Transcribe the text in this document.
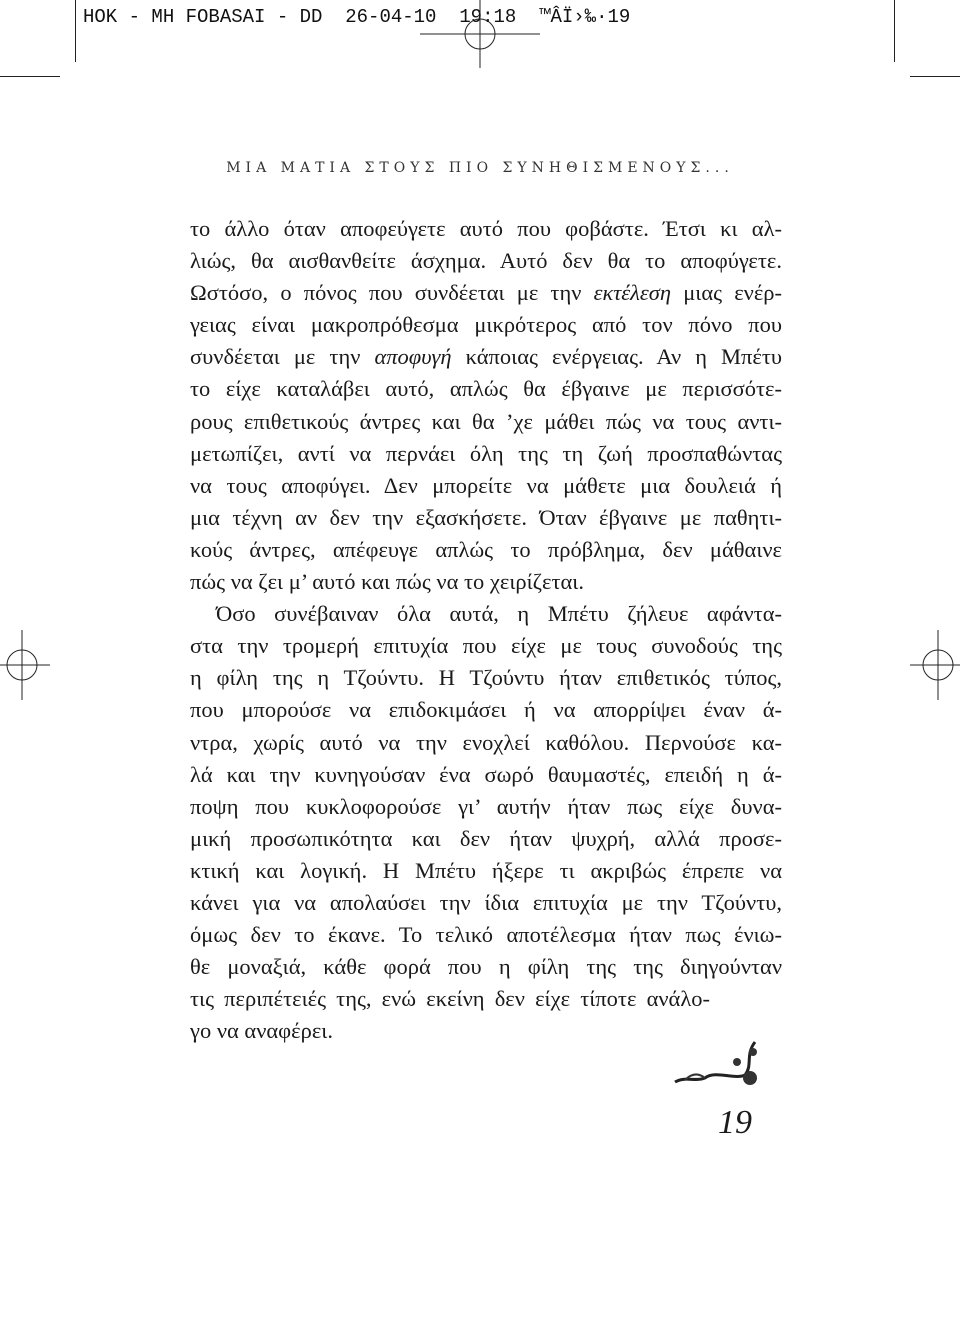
HOK - MH FOBASAI - DD  26-04-10  19:18  ™ÂÏ›‰·19
ΜΙΑ ΜΑΤΙΑ ΣΤΟΥΣ ΠΙΟ ΣΥΝΗΘΙΣΜΕΝΟΥΣ...
το άλλο όταν αποφεύγετε αυτό που φοβάστε. Έτσι κι αλ-
λιώς, θα αισθανθείτε άσχημα. Αυτό δεν θα το αποφύγετε.
Ωστόσο, ο πόνος που συνδέεται με την εκτέλεση μιας ενέρ-
γειας είναι μακροπρόθεσμα μικρότερος από τον πόνο που
συνδέεται με την αποφυγή κάποιας ενέργειας. Αν η Μπέτυ
το είχε καταλάβει αυτό, απλώς θα έβγαινε με περισσότε-
ρους επιθετικούς άντρες και θα ’χε μάθει πώς να τους αντι-
μετωπίζει, αντί να περνάει όλη της τη ζωή προσπαθώντας
να τους αποφύγει. Δεν μπορείτε να μάθετε μια δουλειά ή
μια τέχνη αν δεν την εξασκήσετε. Όταν έβγαινε με παθητι-
κούς άντρες, απέφευγε απλώς το πρόβλημα, δεν μάθαινε
πώς να ζει μ’ αυτό και πώς να το χειρίζεται.
Όσο συνέβαιναν όλα αυτά, η Μπέτυ ζήλευε αφάντα-
στα την τρομερή επιτυχία που είχε με τους συνοδούς της
η φίλη της η Τζούντυ. Η Τζούντυ ήταν επιθετικός τύπος,
που μπορούσε να επιδοκιμάσει ή να απορρίψει έναν ά-
ντρα, χωρίς αυτό να την ενοχλεί καθόλου. Περνούσε κα-
λά και την κυνηγούσαν ένα σωρό θαυμαστές, επειδή η ά-
ποψη που κυκλοφορούσε γι’ αυτήν ήταν πως είχε δυνα-
μική προσωπικότητα και δεν ήταν ψυχρή, αλλά προσε-
κτική και λογική. Η Μπέτυ ήξερε τι ακριβώς έπρεπε να
κάνει για να απολαύσει την ίδια επιτυχία με την Τζούντυ,
όμως δεν το έκανε. Το τελικό αποτέλεσμα ήταν πως ένιω-
θε μοναξιά, κάθε φορά που η φίλη της της διηγούνταν
τις περιπέτειές της, ενώ εκείνη δεν είχε τίποτε ανάλο-
γο να αναφέρει.
19
